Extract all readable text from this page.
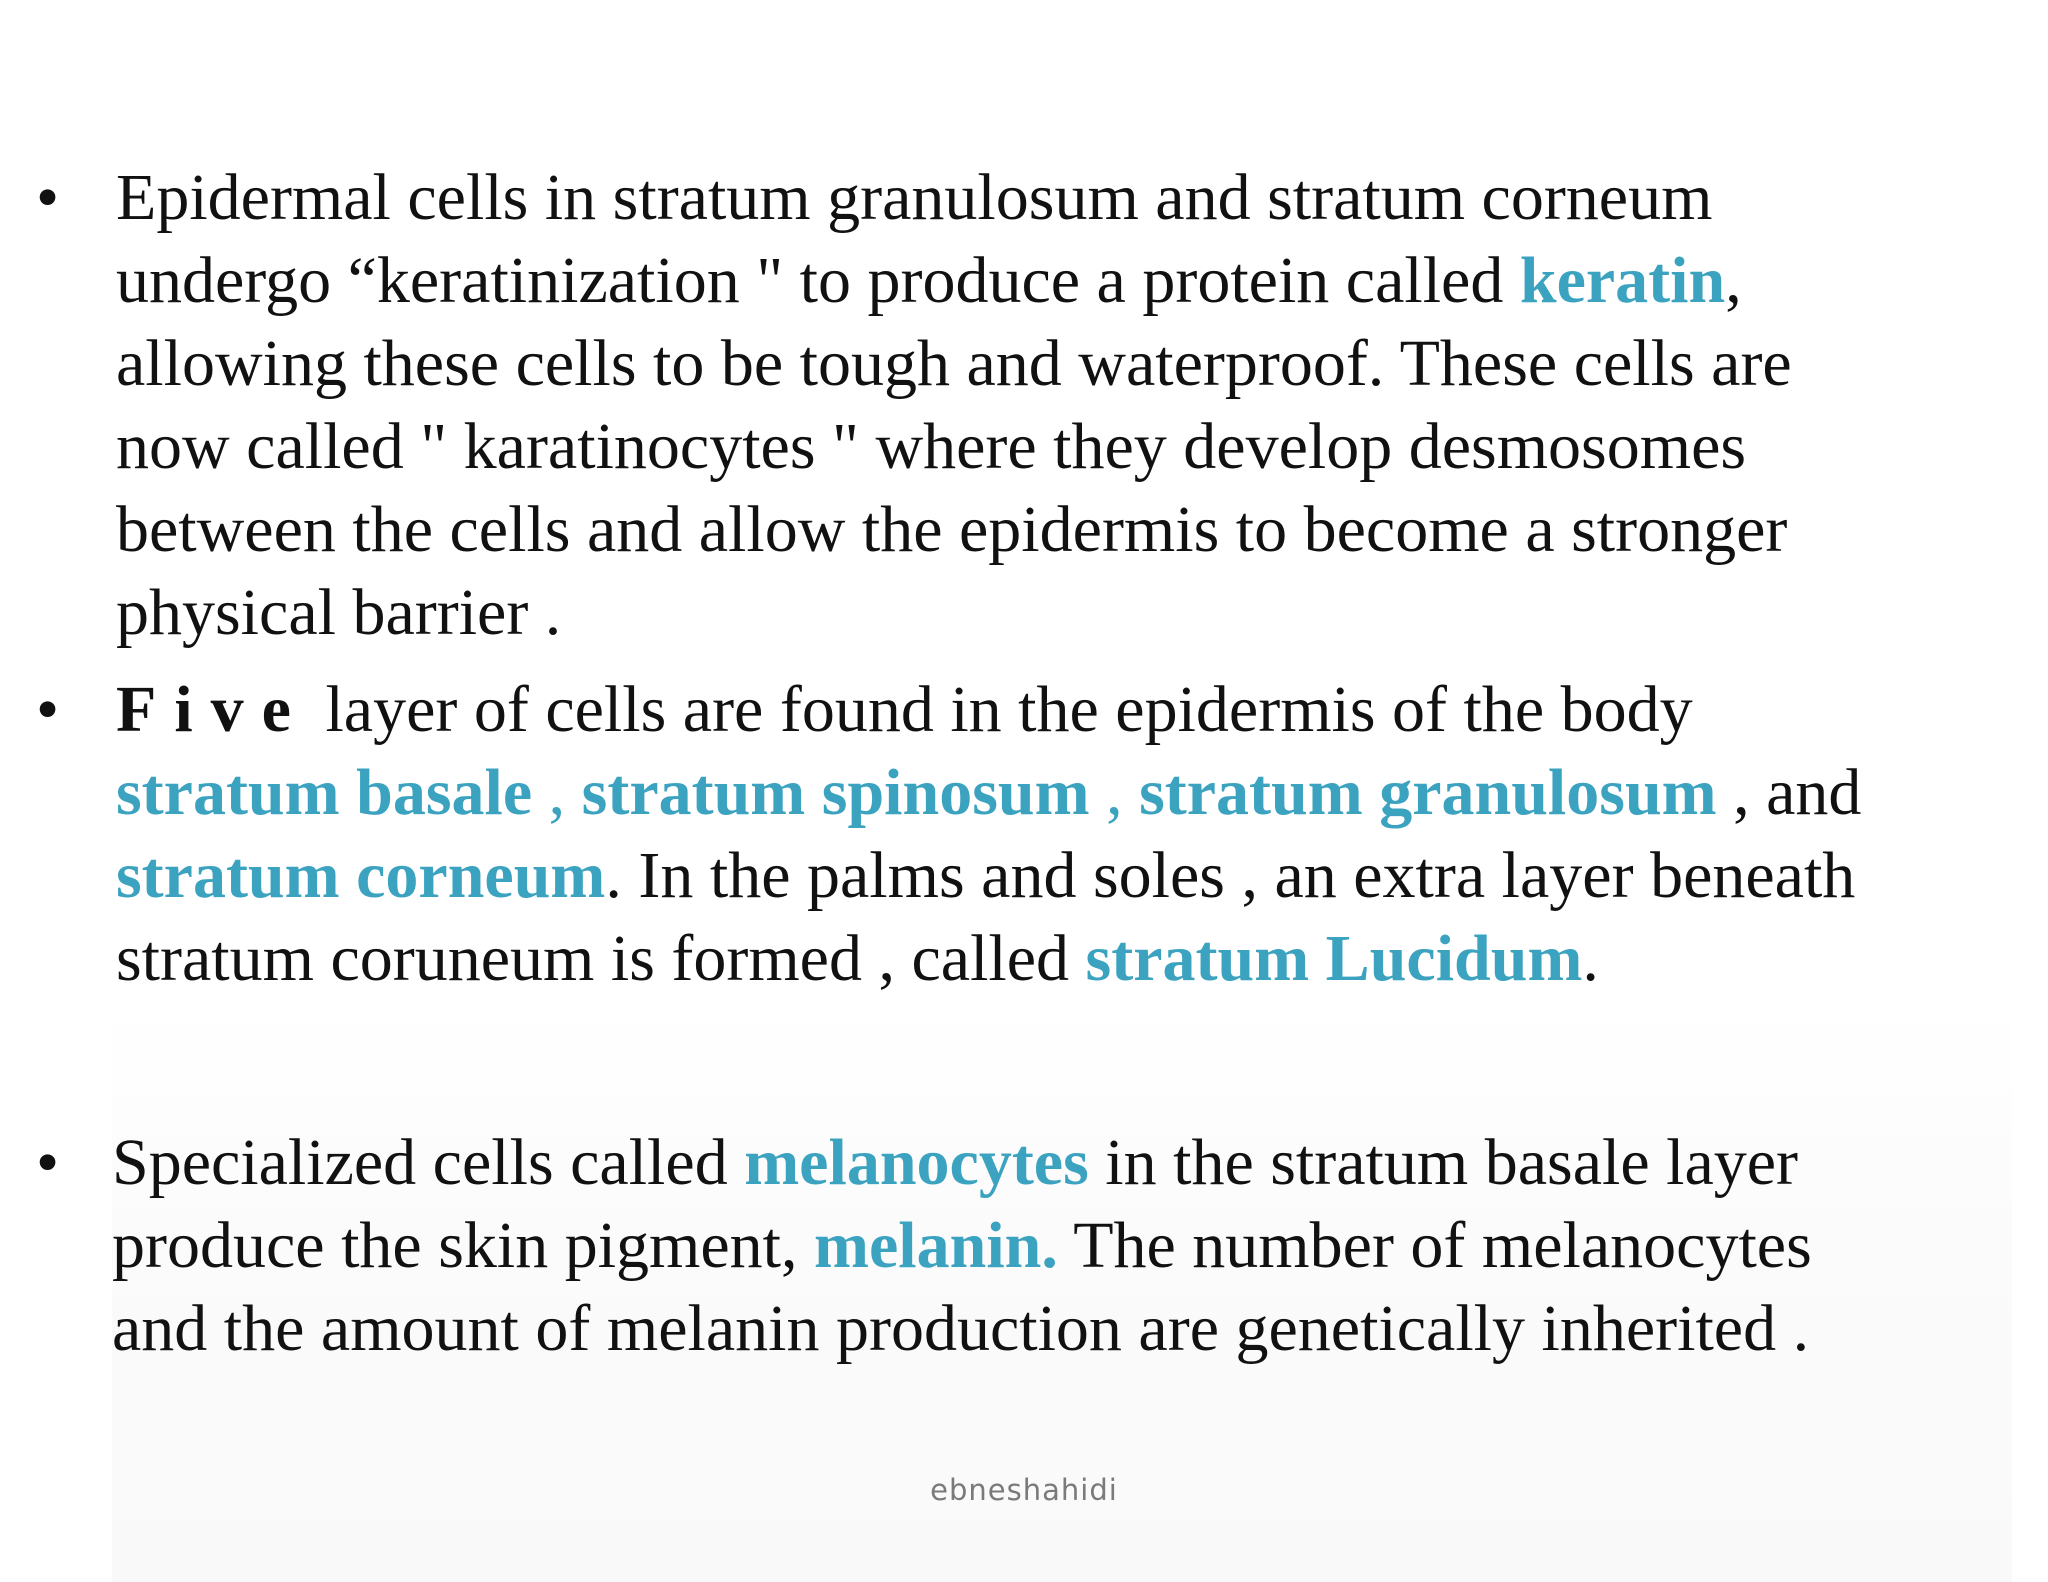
• Epidermal cells in stratum granulosum and stratum corneum
undergo “keratinization " to produce a protein called keratin,
allowing these cells to be tough and waterproof. These cells are
now called " karatinocytes " where they develop desmosomes
between the cells and allow the epidermis to become a stronger
physical barrier .
• Five layer of cells are found in the epidermis of the body
stratum basale , stratum spinosum , stratum granulosum , and
stratum corneum. In the palms and soles , an extra layer beneath
stratum coruneum is formed , called stratum Lucidum.
• Specialized cells called melanocytes in the stratum basale layer
produce the skin pigment, melanin. The number of melanocytes
and the amount of melanin production are genetically inherited .
ebneshahidi
